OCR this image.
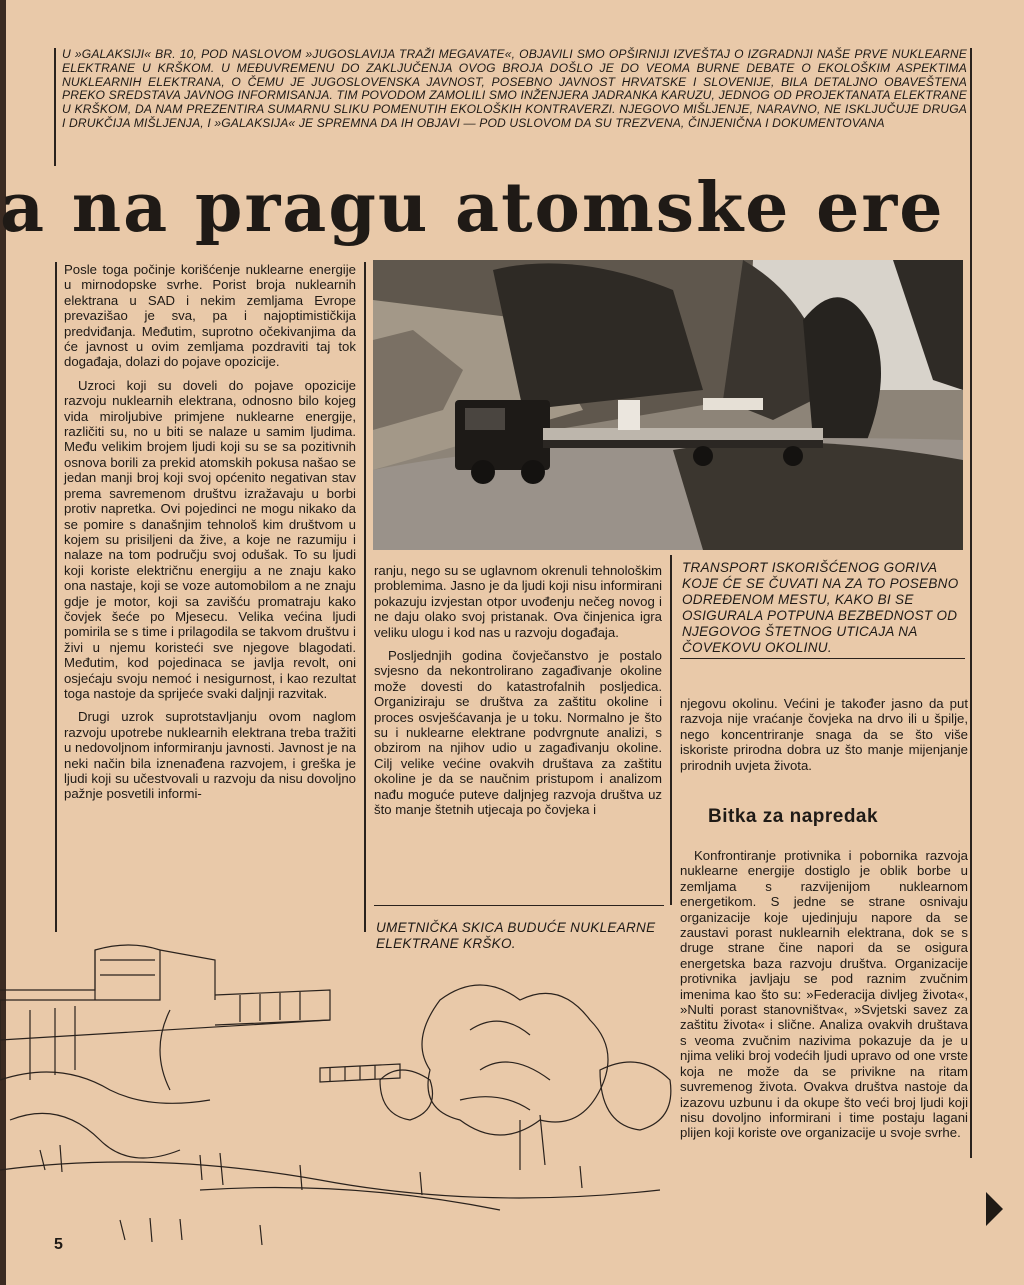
U »GALAKSIJI« BR. 10, POD NASLOVOM »JUGOSLAVIJA TRAŽI MEGAVATE«, OBJAVILI SMO OPŠIRNIJI IZVEŠTAJ O IZGRADNJI NAŠE PRVE NUKLEARNE ELEKTRANE U KRŠKOM. U MEĐUVREMENU DO ZAKLJUČENJA OVOG BROJA DOŠLO JE DO VEOMA BURNE DEBATE O EKOLOŠKIM ASPEKTIMA NUKLEARNIH ELEKTRANA, O ČEMU JE JUGOSLOVENSKA JAVNOST, POSEBNO JAVNOST HRVATSKE I SLOVENIJE, BILA DETALJNO OBAVEŠTENA PREKO SREDSTAVA JAVNOG INFORMISANJA. TIM POVODOM ZAMOLILI SMO INŽENJERA JADRANKA KARUZU, JEDNOG OD PROJEKTANATA ELEKTRANE U KRŠKOM, DA NAM PREZENTIRA SUMARNU SLIKU POMENUTIH EKOLOŠKIH KONTRAVERZI. NJEGOVO MIŠLJENJE, NARAVNO, NE ISKLJUČUJE DRUGA I DRUKČIJA MIŠLJENJA, I »GALAKSIJA« JE SPREMNA DA IH OBJAVI — POD USLOVOM DA SU TREZVENA, ČINJENIČNA I DOKUMENTOVANA

a na pragu atomske ere

Posle toga počinje korišćenje nuklearne energije u mirnodopske svrhe. Porist broja nuklearnih elektrana u SAD i nekim zemljama Evrope prevazišao je sva, pa i najoptimističkija predviđanja. Međutim, suprotno očekivanjima da će javnost u ovim zemljama pozdraviti taj tok događaja, dolazi do pojave opozicije.

Uzroci koji su doveli do pojave opozicije razvoju nuklearnih elektrana, odnosno bilo kojeg vida miroljubive primjene nuklearne energije, različiti su, no u biti se nalaze u samim ljudima. Među velikim brojem ljudi koji su se sa pozitivnih osnova borili za prekid atomskih pokusa našao se jedan manji broj koji svoj općenito negativan stav prema savremenom društvu izražavaju u borbi protiv napretka. Ovi pojedinci ne mogu nikako da se pomire s današnjim tehnološ kim društvom u kojem su prisiljeni da žive, a koje ne razumiju i nalaze na tom području svoj odušak. To su ljudi koji koriste električnu energiju a ne znaju kako ona nastaje, koji se voze automobilom a ne znaju gdje je motor, koji sa zavišću promatraju kako čovjek šeće po Mjesecu. Velika većina ljudi pomirila se s time i prilagodila se takvom društvu i živi u njemu koristeći sve njegove blagodati. Međutim, kod pojedinaca se javlja revolt, oni osjećaju svoju nemoć i nesigurnost, i kao rezultat toga nastoje da sprijeće svaki daljnji razvitak.

Drugi uzrok suprotstavljanju ovom naglom razvoju upotrebe nuklearnih elektrana treba tražiti u nedovoljnom informiranju javnosti. Javnost je na neki način bila iznenađena razvojem, i greška je ljudi koji su učestvovali u razvoju da nisu dovoljno pažnje posvetili informi-

TRANSPORT ISKORIŠĆENOG GORIVA KOJE ĆE SE ČUVATI NA ZA TO POSEBNO ODREĐENOM MESTU, KAKO BI SE OSIGURALA POTPUNA BEZBEDNOST OD NJEGOVOG ŠTETNOG UTICAJA NA ČOVEKOVU OKOLINU.

ranju, nego su se uglavnom okrenuli tehnološkim problemima. Jasno je da ljudi koji nisu informirani pokazuju izvjestan otpor uvođenju nečeg novog i ne daju olako svoj pristanak. Ova činjenica igra veliku ulogu i kod nas u razvoju događaja.

Posljednjih godina čovječanstvo je postalo svjesno da nekontrolirano zagađivanje okoline može dovesti do katastrofalnih posljedica. Organiziraju se društva za zaštitu okoline i proces osvješćavanja je u toku. Normalno je što su i nuklearne elektrane podvrgnute analizi, s obzirom na njihov udio u zagađivanju okoline. Cilj velike većine ovakvih društava za zaštitu okoline je da se naučnim pristupom i analizom nađu moguće puteve daljnjeg razvoja društva uz što manje štetnih utjecaja po čovjeka i

UMETNIČKA SKICA BUDUĆE NUKLEARNE ELEKTRANE KRŠKO.

njegovu okolinu. Većini je također jasno da put razvoja nije vraćanje čovjeka na drvo ili u špilje, nego koncentriranje snaga da se što više iskoriste prirodna dobra uz što manje mijenjanje prirodnih uvjeta života.

Bitka za napredak

Konfrontiranje protivnika i pobornika razvoja nuklearne energije dostiglo je oblik borbe u zemljama s razvijenijom nuklearnom energetikom. S jedne se strane osnivaju organizacije koje ujedinjuju napore da se zaustavi porast nuklearnih elektrana, dok se s druge strane čine napori da se osigura energetska baza razvoju društva. Organizacije protivnika javljaju se pod raznim zvučnim imenima kao što su: »Federacija divljeg života«, »Nulti porast stanovništva«, »Svjetski savez za zaštitu života« i slične. Analiza ovakvih društava s veoma zvučnim nazivima pokazuje da je u njima veliki broj vodećih ljudi upravo od one vrste koja ne može da se privikne na ritam suvremenog života. Ovakva društva nastoje da izazovu uzbunu i da okupe što veći broj ljudi koji nisu dovoljno informirani i time postaju lagani plijen koji koriste ove organizacije u svoje svrhe.

5
